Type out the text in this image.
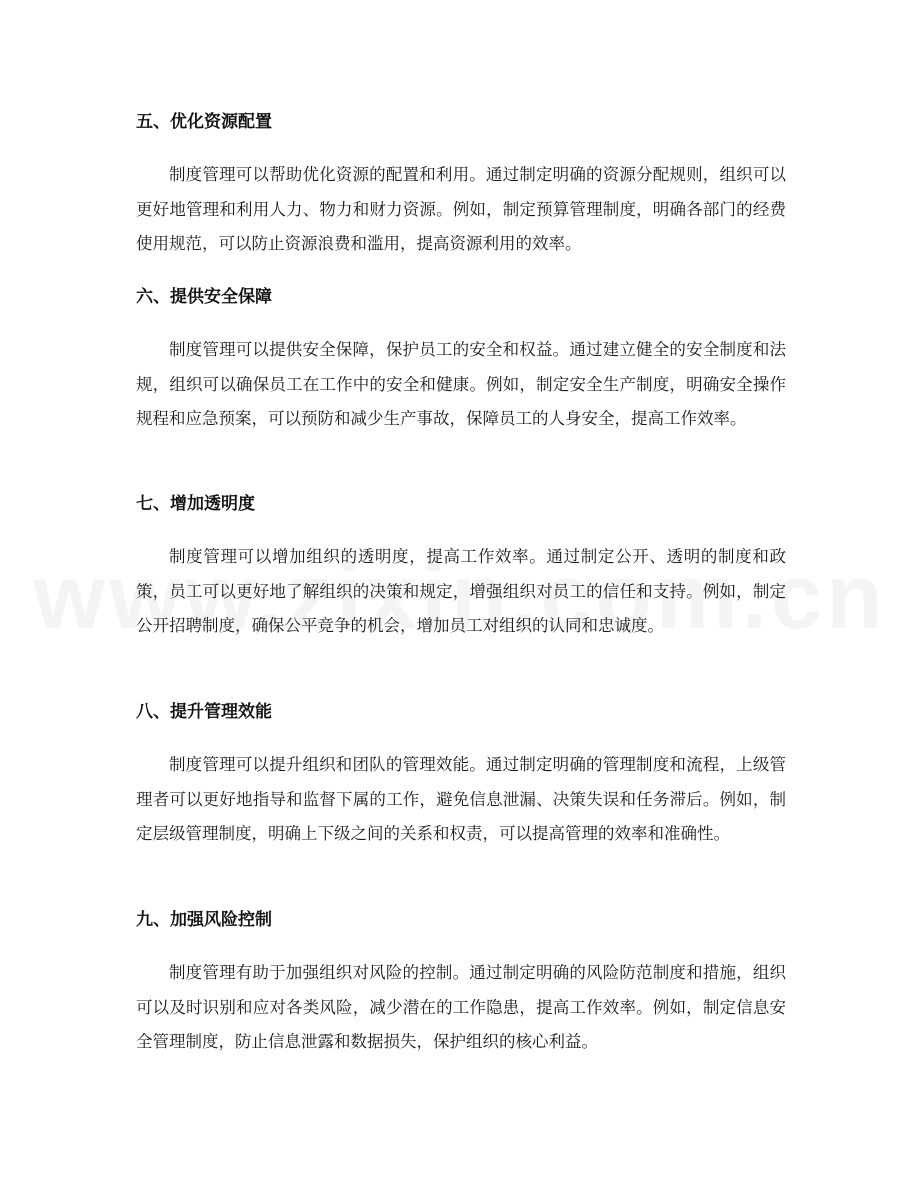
五、优化资源配置

制度管理可以帮助优化资源的配置和利用。通过制定明确的资源分配规则，组织可以更好地管理和利用人力、物力和财力资源。例如，制定预算管理制度，明确各部门的经费使用规范，可以防止资源浪费和滥用，提高资源利用的效率。

六、提供安全保障

制度管理可以提供安全保障，保护员工的安全和权益。通过建立健全的安全制度和法规，组织可以确保员工在工作中的安全和健康。例如，制定安全生产制度，明确安全操作规程和应急预案，可以预防和减少生产事故，保障员工的人身安全，提高工作效率。

七、增加透明度

制度管理可以增加组织的透明度，提高工作效率。通过制定公开、透明的制度和政策，员工可以更好地了解组织的决策和规定，增强组织对员工的信任和支持。例如，制定公开招聘制度，确保公平竞争的机会，增加员工对组织的认同和忠诚度。

八、提升管理效能

制度管理可以提升组织和团队的管理效能。通过制定明确的管理制度和流程，上级管理者可以更好地指导和监督下属的工作，避免信息泄漏、决策失误和任务滞后。例如，制定层级管理制度，明确上下级之间的关系和权责，可以提高管理的效率和准确性。

九、加强风险控制

制度管理有助于加强组织对风险的控制。通过制定明确的风险防范制度和措施，组织可以及时识别和应对各类风险，减少潜在的工作隐患，提高工作效率。例如，制定信息安全管理制度，防止信息泄露和数据损失，保护组织的核心利益。
